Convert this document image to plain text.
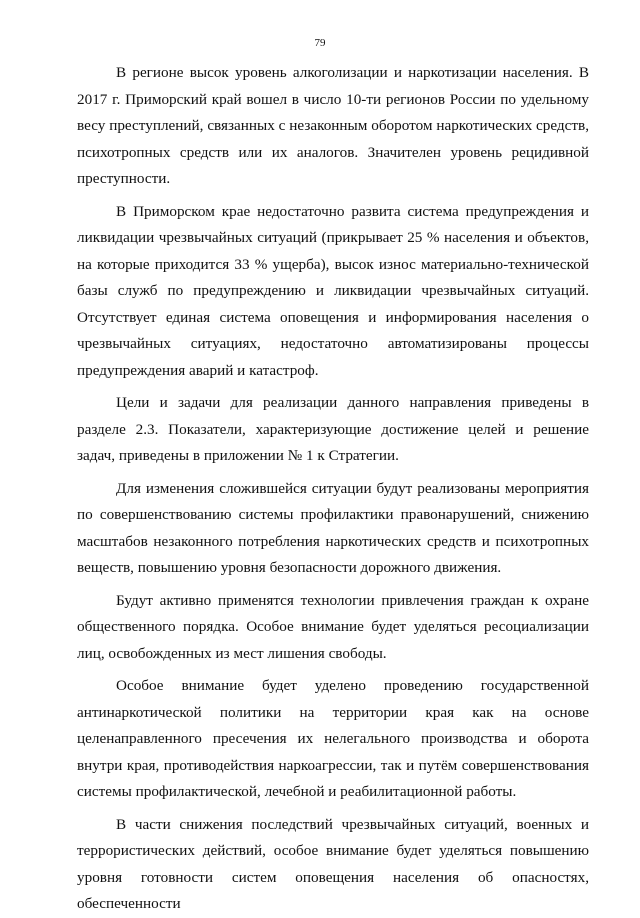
79

В регионе высок уровень алкоголизации и наркотизации населения. В 2017 г. Приморский край вошел в число 10-ти регионов России по удельному весу преступлений, связанных с незаконным оборотом наркотических средств, психотропных средств или их аналогов. Значителен уровень рецидивной преступности.

В Приморском крае недостаточно развита система предупреждения и ликвидации чрезвычайных ситуаций (прикрывает 25 % населения и объектов, на которые приходится 33 % ущерба), высок износ материально-технической базы служб по предупреждению и ликвидации чрезвычайных ситуаций. Отсутствует единая система оповещения и информирования населения о чрезвычайных ситуациях, недостаточно автоматизированы процессы предупреждения аварий и катастроф.

Цели и задачи для реализации данного направления приведены в разделе 2.3. Показатели, характеризующие достижение целей и решение задач, приведены в приложении № 1 к Стратегии.

Для изменения сложившейся ситуации будут реализованы мероприятия по совершенствованию системы профилактики правонарушений, снижению масштабов незаконного потребления наркотических средств и психотропных веществ, повышению уровня безопасности дорожного движения.

Будут активно применятся технологии привлечения граждан к охране общественного порядка. Особое внимание будет уделяться ресоциализации лиц, освобожденных из мест лишения свободы.

Особое внимание будет уделено проведению государственной антинаркотической политики на территории края как на основе целенаправленного пресечения их нелегального производства и оборота внутри края, противодействия наркоагрессии, так и путём совершенствования системы профилактической, лечебной и реабилитационной работы.

В части снижения последствий чрезвычайных ситуаций, военных и террористических действий, особое внимание будет уделяться повышению уровня готовности систем оповещения населения об опасностях, обеспеченности
